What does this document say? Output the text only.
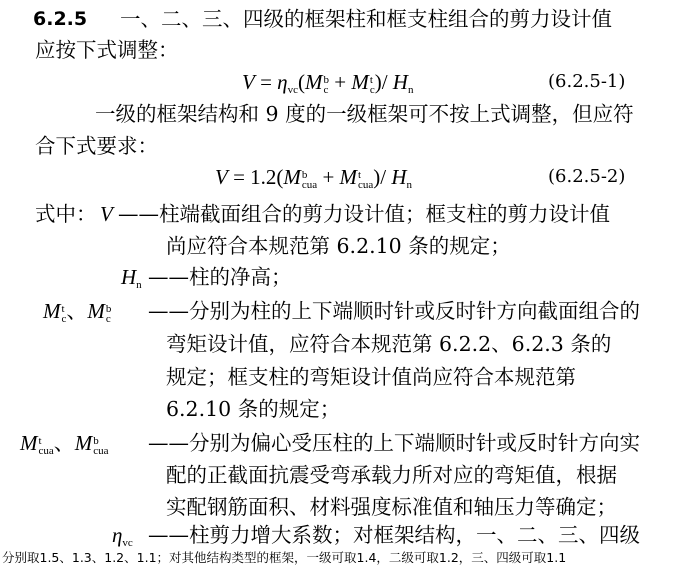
6.2.5 一、二、三、四级的框架柱和框支柱组合的剪力设计值
应按下式调整：
$V = \eta_{vc}(M$ b
c + M t
c )/ $H_n$	(6.2.5-1)
一级的框架结构和 9 度的一级框架可不按上式调整，但应符
合下式要求：
V = 1.2(M b
cua + M t
cua )/ $H_n$	(6.2.5-2)
式中： V ——柱端截面组合的剪力设计值；框支柱的剪力设计值
尚应符合本规范第 6.2.10 条的规定；
$H_n$ ——柱的净高；
M t
c 、M b
c ——分别为柱的上下端顺时针或反时针方向截面组合的
弯矩设计值，应符合本规范第 6.2.2、6.2.3 条的
规定；框支柱的弯矩设计值尚应符合本规范第
6.2.10 条的规定；
M t
cua 、M b
cua ——分别为偏心受压柱的上下端顺时针或反时针方向实
配的正截面抗震受弯承载力所对应的弯矩值，根据
实配钢筋面积、材料强度标准值和轴压力等确定；
$\eta_{vc}$ ——柱剪力增大系数；对框架结构，一、二、三、四级
分别取1.5、1.3、1.2、1.1；对其他结构类型的框架，一级可取1.4，二级可取1.2，三、四级可取1.1
